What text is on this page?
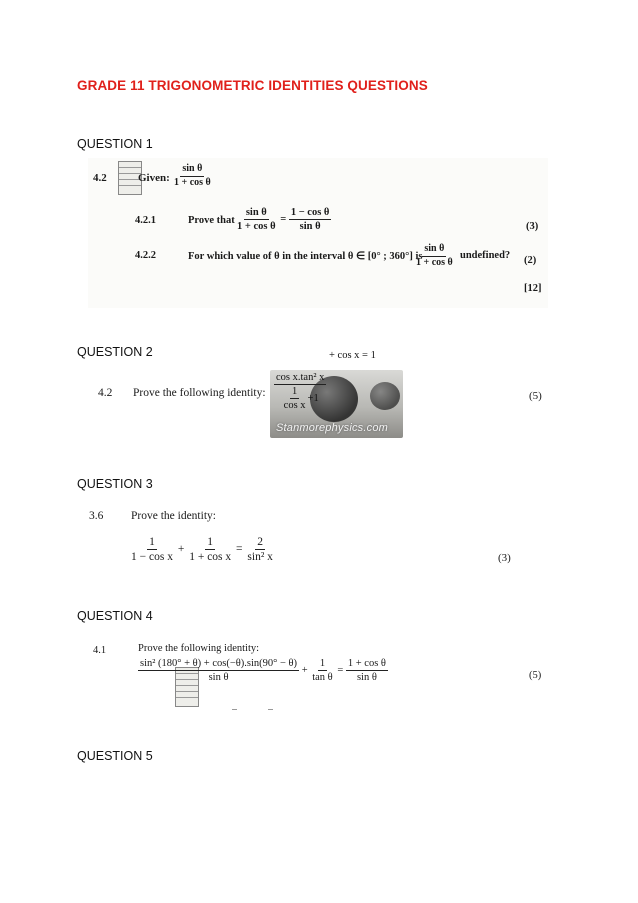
GRADE 11 TRIGONOMETRIC IDENTITIES QUESTIONS
QUESTION 1
4.2	Given: $\frac{\text{sin θ}}{\text{1 + cos θ}}$
4.2.1	Prove that $\frac{\text{sin θ}}{\text{1 + cos θ}} = \frac{\text{1 − cos θ}}{\text{sin θ}}$	(3)
4.2.2	For which value of θ in the interval θ ∈ [0° ; 360°] is
$\frac{\text{sin θ}}{\text{1 + cos θ}}$ undefined? (2)
[12]
QUESTION 2
4.2 Prove the following identity: $\frac{\text{cos x.tan² x}}{\frac{1}{\text{cos x}} +1}$
+ cos x = 1
Stanmorephysics.com
(5)
QUESTION 3
3.6 Prove the identity:
$\frac{1}{\text{1 − cos x}} + \frac{1}{\text{1 + cos x}} = \frac{2}{\text{sin² x}}$	(3)
QUESTION 4
4.1	Prove the following identity:
$\frac{\text{sin² (180° + θ) + cos(−θ).sin(90° − θ)}}{\text{sin θ}} + \frac{1}{\text{tan θ}} = \frac{\text{1 + cos θ}}{\text{sin θ}}$	(5)
QUESTION 5
